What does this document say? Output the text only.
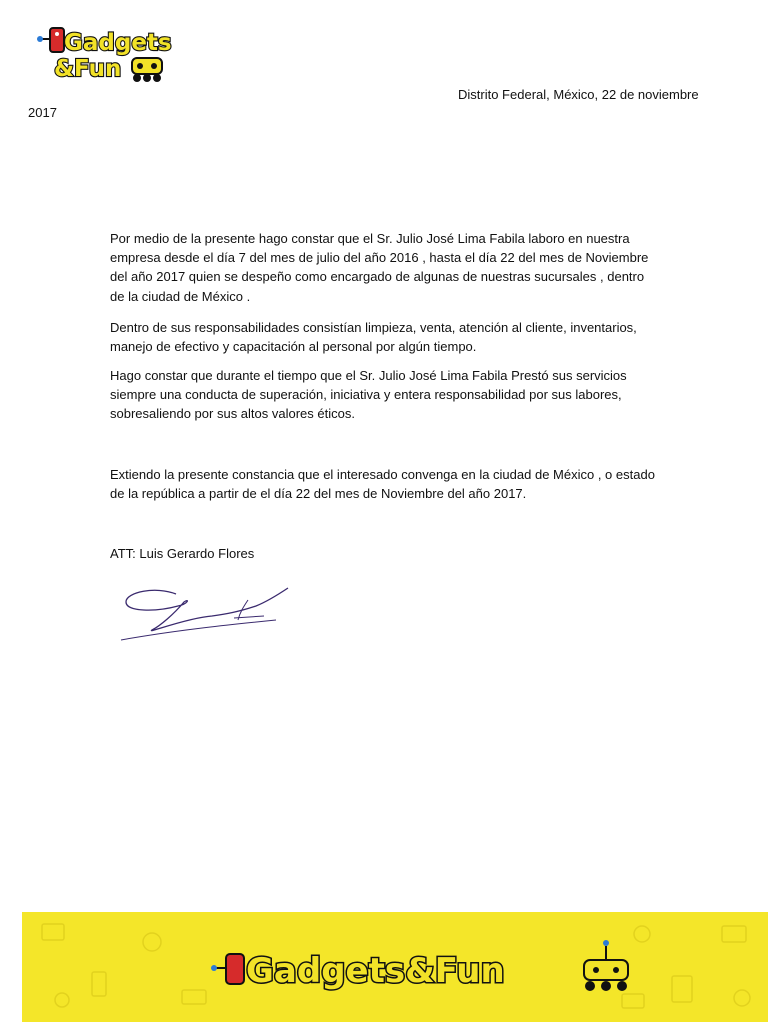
Gadgets
&Fun
Distrito Federal, México, 22 de noviembre
2017
Por medio de la presente hago constar que el Sr. Julio José Lima Fabila laboro en nuestra empresa desde el día 7 del mes de julio del año 2016 , hasta el día 22 del mes de Noviembre del año 2017 quien se despeño como encargado de algunas de nuestras sucursales , dentro de la ciudad de México .
Dentro de sus responsabilidades consistían limpieza, venta, atención al cliente, inventarios, manejo de efectivo y capacitación al personal por algún tiempo.
Hago constar que durante el tiempo que el Sr. Julio José Lima Fabila Prestó sus servicios siempre una conducta de superación, iniciativa y entera responsabilidad por sus labores, sobresaliendo por sus altos valores éticos.
Extiendo la presente constancia que el interesado convenga en la ciudad de México , o estado de la república a partir de el día 22 del mes de Noviembre del año 2017.
ATT: Luis Gerardo Flores
Gadgets&Fun
